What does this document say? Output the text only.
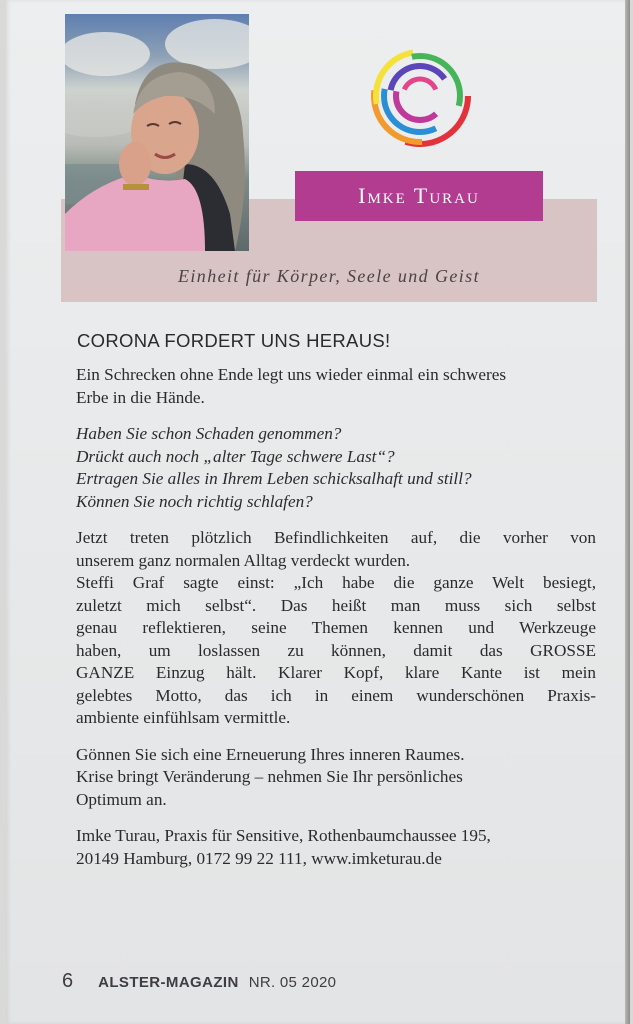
Imke Turau
Einheit für Körper, Seele und Geist
CORONA FORDERT UNS HERAUS!
Ein Schrecken ohne Ende legt uns wieder einmal ein schweres
Erbe in die Hände.
Haben Sie schon Schaden genommen?
Drückt auch noch „alter Tage schwere Last“?
Ertragen Sie alles in Ihrem Leben schicksalhaft und still?
Können Sie noch richtig schlafen?
Jetzt treten plötzlich Befindlichkeiten auf, die vorher von
unserem ganz normalen Alltag verdeckt wurden.
Steffi Graf sagte einst: „Ich habe die ganze Welt besiegt,
zuletzt mich selbst“. Das heißt man muss sich selbst
genau reflektieren, seine Themen kennen und Werkzeuge
haben, um loslassen zu können, damit das GROSSE
GANZE Einzug hält. Klarer Kopf, klare Kante ist mein
gelebtes Motto, das ich in einem wunderschönen Praxis-
ambiente einfühlsam vermittle.
Gönnen Sie sich eine Erneuerung Ihres inneren Raumes.
Krise bringt Veränderung – nehmen Sie Ihr persönliches
Optimum an.
Imke Turau, Praxis für Sensitive, Rothenbaumchaussee 195,
20149 Hamburg, 0172 99 22 111, www.imketurau.de
6 ALSTER-MAGAZIN NR. 05 2020
